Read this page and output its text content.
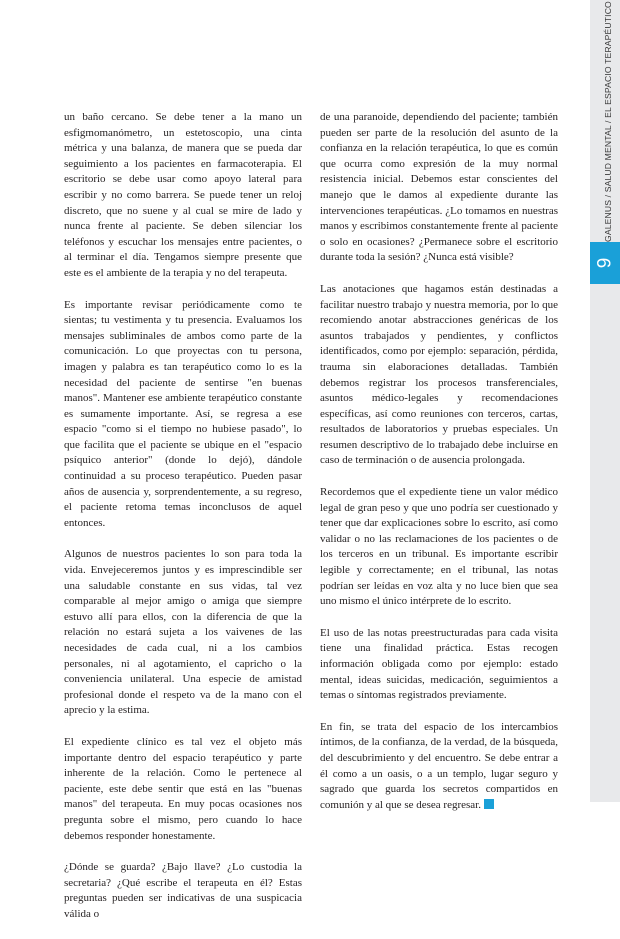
GALENUS / SALUD MENTAL / EL ESPACIO TERAPÉUTICO
9

un baño cercano. Se debe tener a la mano un esfigmomanómetro, un estetoscopio, una cinta métrica y una balanza, de manera que se pueda dar seguimiento a los pacientes en farmacoterapia. El escritorio se debe usar como apoyo lateral para escribir y no como barrera. Se puede tener un reloj discreto, que no suene y al cual se mire de lado y nunca frente al paciente. Se deben silenciar los teléfonos y escuchar los mensajes entre pacientes, o al terminar el día. Tengamos siempre presente que este es el ambiente de la terapia y no del terapeuta.

Es importante revisar periódicamente como te sientas; tu vestimenta y tu presencia. Evaluamos los mensajes subliminales de ambos como parte de la comunicación. Lo que proyectas con tu persona, imagen y palabra es tan terapéutico como lo es la necesidad del paciente de sentirse "en buenas manos". Mantener ese ambiente terapéutico constante es sumamente importante. Así, se regresa a ese espacio "como si el tiempo no hubiese pasado", lo que facilita que el paciente se ubique en el "espacio psíquico anterior" (donde lo dejó), dándole continuidad a su proceso terapéutico. Pueden pasar años de ausencia y, sorprendentemente, a su regreso, el paciente retoma temas inconclusos de aquel entonces.

Algunos de nuestros pacientes lo son para toda la vida. Envejeceremos juntos y es imprescindible ser una saludable constante en sus vidas, tal vez comparable al mejor amigo o amiga que siempre estuvo allí para ellos, con la diferencia de que la relación no estará sujeta a los vaivenes de las necesidades de cada cual, ni a los cambios personales, ni al agotamiento, el capricho o la conveniencia unilateral. Una especie de amistad profesional donde el respeto va de la mano con el aprecio y la estima.

El expediente clínico es tal vez el objeto más importante dentro del espacio terapéutico y parte inherente de la relación. Como le pertenece al paciente, este debe sentir que está en las "buenas manos" del terapeuta. En muy pocas ocasiones nos pregunta sobre el mismo, pero cuando lo hace debemos responder honestamente.

¿Dónde se guarda? ¿Bajo llave? ¿Lo custodia la secretaria? ¿Qué escribe el terapeuta en él? Estas preguntas pueden ser indicativas de una suspicacia válida o

de una paranoide, dependiendo del paciente; también pueden ser parte de la resolución del asunto de la confianza en la relación terapéutica, lo que es común que ocurra como expresión de la muy normal resistencia inicial. Debemos estar conscientes del manejo que le damos al expediente durante las intervenciones terapéuticas. ¿Lo tomamos en nuestras manos y escribimos constantemente frente al paciente o solo en ocasiones? ¿Permanece sobre el escritorio durante toda la sesión? ¿Nunca está visible?

Las anotaciones que hagamos están destinadas a facilitar nuestro trabajo y nuestra memoria, por lo que recomiendo anotar abstracciones genéricas de los asuntos trabajados y pendientes, y conflictos identificados, como por ejemplo: separación, pérdida, trauma sin elaboraciones detalladas. También debemos registrar los procesos transferenciales, asuntos médico-legales y recomendaciones específicas, así como reuniones con terceros, cartas, resultados de laboratorios y pruebas especiales. Un resumen descriptivo de lo trabajado debe incluirse en caso de terminación o de ausencia prolongada.

Recordemos que el expediente tiene un valor médico legal de gran peso y que uno podría ser cuestionado y tener que dar explicaciones sobre lo escrito, así como validar o no las reclamaciones de los pacientes o de los terceros en un tribunal. Es importante escribir legible y correctamente; en el tribunal, las notas podrían ser leídas en voz alta y no luce bien que sea uno mismo el único intérprete de lo escrito.

El uso de las notas preestructuradas para cada visita tiene una finalidad práctica. Estas recogen información obligada como por ejemplo: estado mental, ideas suicidas, medicación, seguimientos a temas o síntomas registrados previamente.

En fin, se trata del espacio de los intercambios íntimos, de la confianza, de la verdad, de la búsqueda, del descubrimiento y del encuentro. Se debe entrar a él como a un oasis, o a un templo, lugar seguro y sagrado que guarda los secretos compartidos en comunión y al que se desea regresar.
